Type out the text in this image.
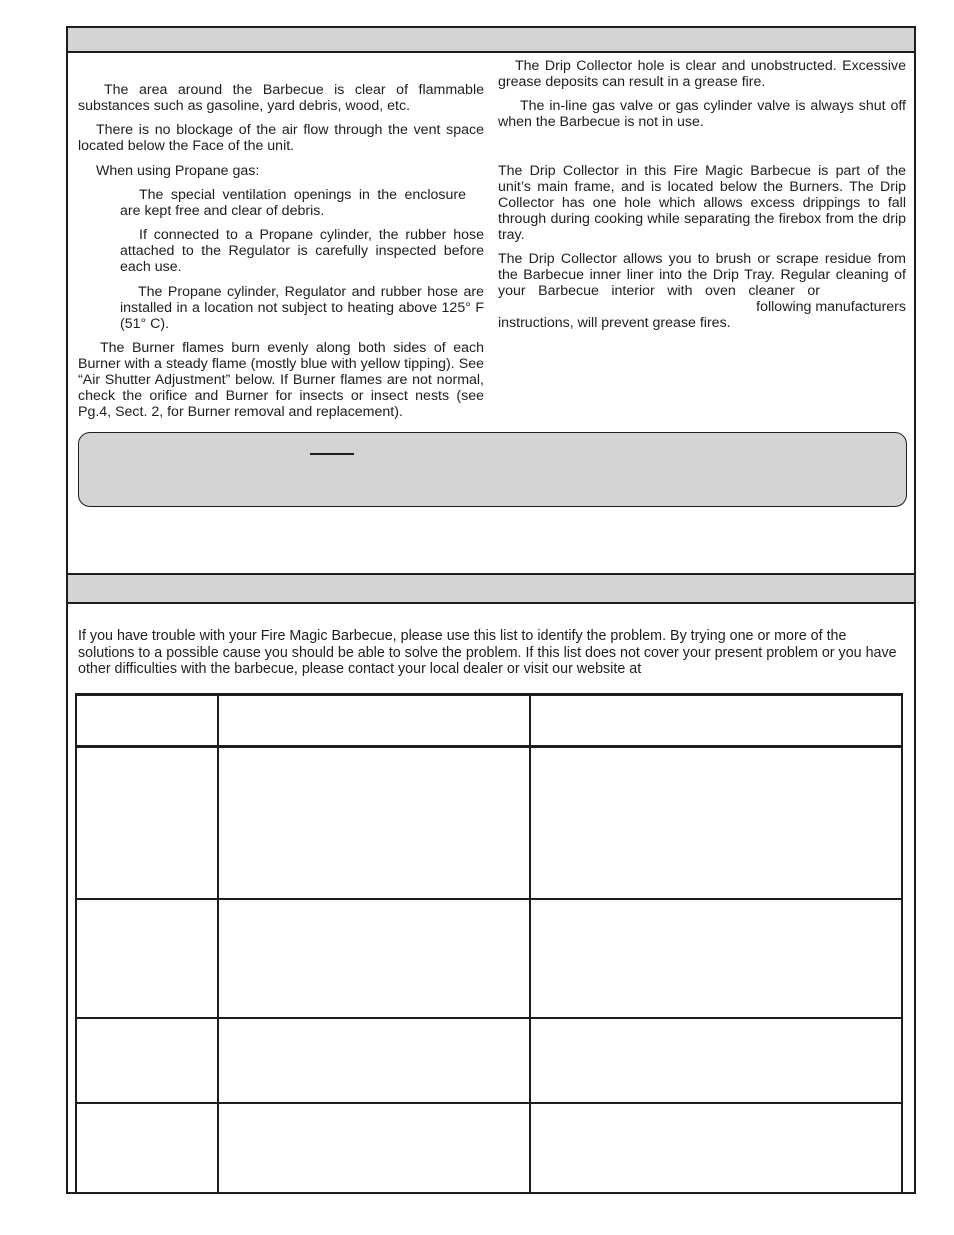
The area around the Barbecue is clear of flammable substances such as gasoline, yard debris, wood, etc.

There is no blockage of the air flow through the vent space located below the Face of the unit.

When using Propane gas:

The special ventilation openings in the enclosure are kept free and clear of debris.

If connected to a Propane cylinder, the rubber hose attached to the Regulator is carefully inspected before each use.

The Propane cylinder, Regulator and rubber hose are installed in a location not subject to heating above 125° F (51° C).

The Burner flames burn evenly along both sides of each Burner with a steady flame (mostly blue with yellow tipping). See “Air Shutter Adjustment” below. If Burner flames are not normal, check the orifice and Burner for insects or insect nests (see Pg.4, Sect. 2, for Burner removal and replacement).

The Drip Collector hole is clear and unobstructed. Excessive grease deposits can result in a grease fire.

The in-line gas valve or gas cylinder valve is always shut off when the Barbecue is not in use.

The Drip Collector in this Fire Magic Barbecue is part of the unit’s main frame, and is located below the Burners. The Drip Collector has one hole which allows excess drippings to fall through during cooking while separating the firebox from the drip tray.

The Drip Collector allows you to brush or scrape residue from
the Barbecue inner liner into the Drip Tray. Regular cleaning of
your Barbecue interior with oven cleaner or
following manufacturers
instructions, will prevent grease fires.

If you have trouble with your Fire Magic Barbecue, please use this list to identify the problem. By trying one or more of the solutions to a possible cause you should be able to solve the problem. If this list does not cover your present problem or you have other difficulties with the barbecue, please contact your local dealer or visit our website at
